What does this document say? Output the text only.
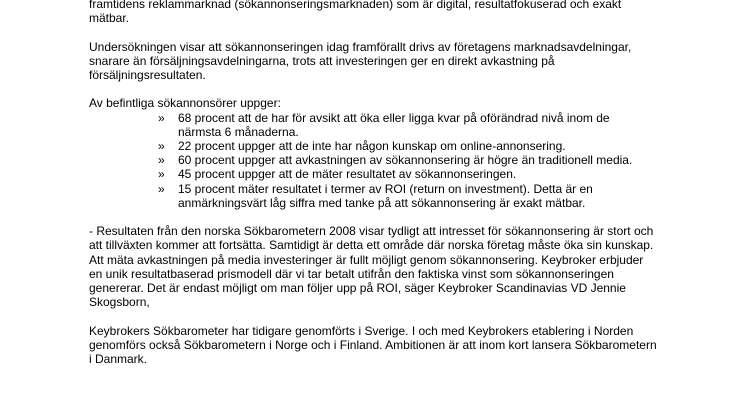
framtidens reklammarknad (sökannonseringsmarknaden) som är digital, resultatfokuserad och exakt mätbar.

Undersökningen visar att sökannonseringen idag framförallt drivs av företagens marknadsavdelningar, snarare än försäljningsavdelningarna, trots att investeringen ger en direkt avkastning på försäljningsresultaten.

Av befintliga sökannonsörer uppger:

» 68 procent att de har för avsikt att öka eller ligga kvar på oförändrad nivå inom de närmsta 6 månaderna.
» 22 procent uppger att de inte har någon kunskap om online-annonsering.
» 60 procent uppger att avkastningen av sökannonsering är högre än traditionell media.
» 45 procent uppger att de mäter resultatet av sökannonseringen.
» 15 procent mäter resultatet i termer av ROI (return on investment). Detta är en anmärkningsvärt låg siffra med tanke på att sökannonsering är exakt mätbar.

- Resultaten från den norska Sökbarometern 2008 visar tydligt att intresset för sökannonsering är stort och att tillväxten kommer att fortsätta. Samtidigt är detta ett område där norska företag måste öka sin kunskap. Att mäta avkastningen på media investeringer är fullt möjligt genom sökannonsering. Keybroker erbjuder en unik resultatbaserad prismodell där vi tar betalt utifrån den faktiska vinst som sökannonseringen genererar. Det är endast möjligt om man följer upp på ROI, säger Keybroker Scandinavias VD Jennie Skogsborn,

Keybrokers Sökbarometer har tidigare genomförts i Sverige. I och med Keybrokers etablering i Norden genomförs också Sökbarometern i Norge och i Finland. Ambitionen är att inom kort lansera Sökbarometern i Danmark.
